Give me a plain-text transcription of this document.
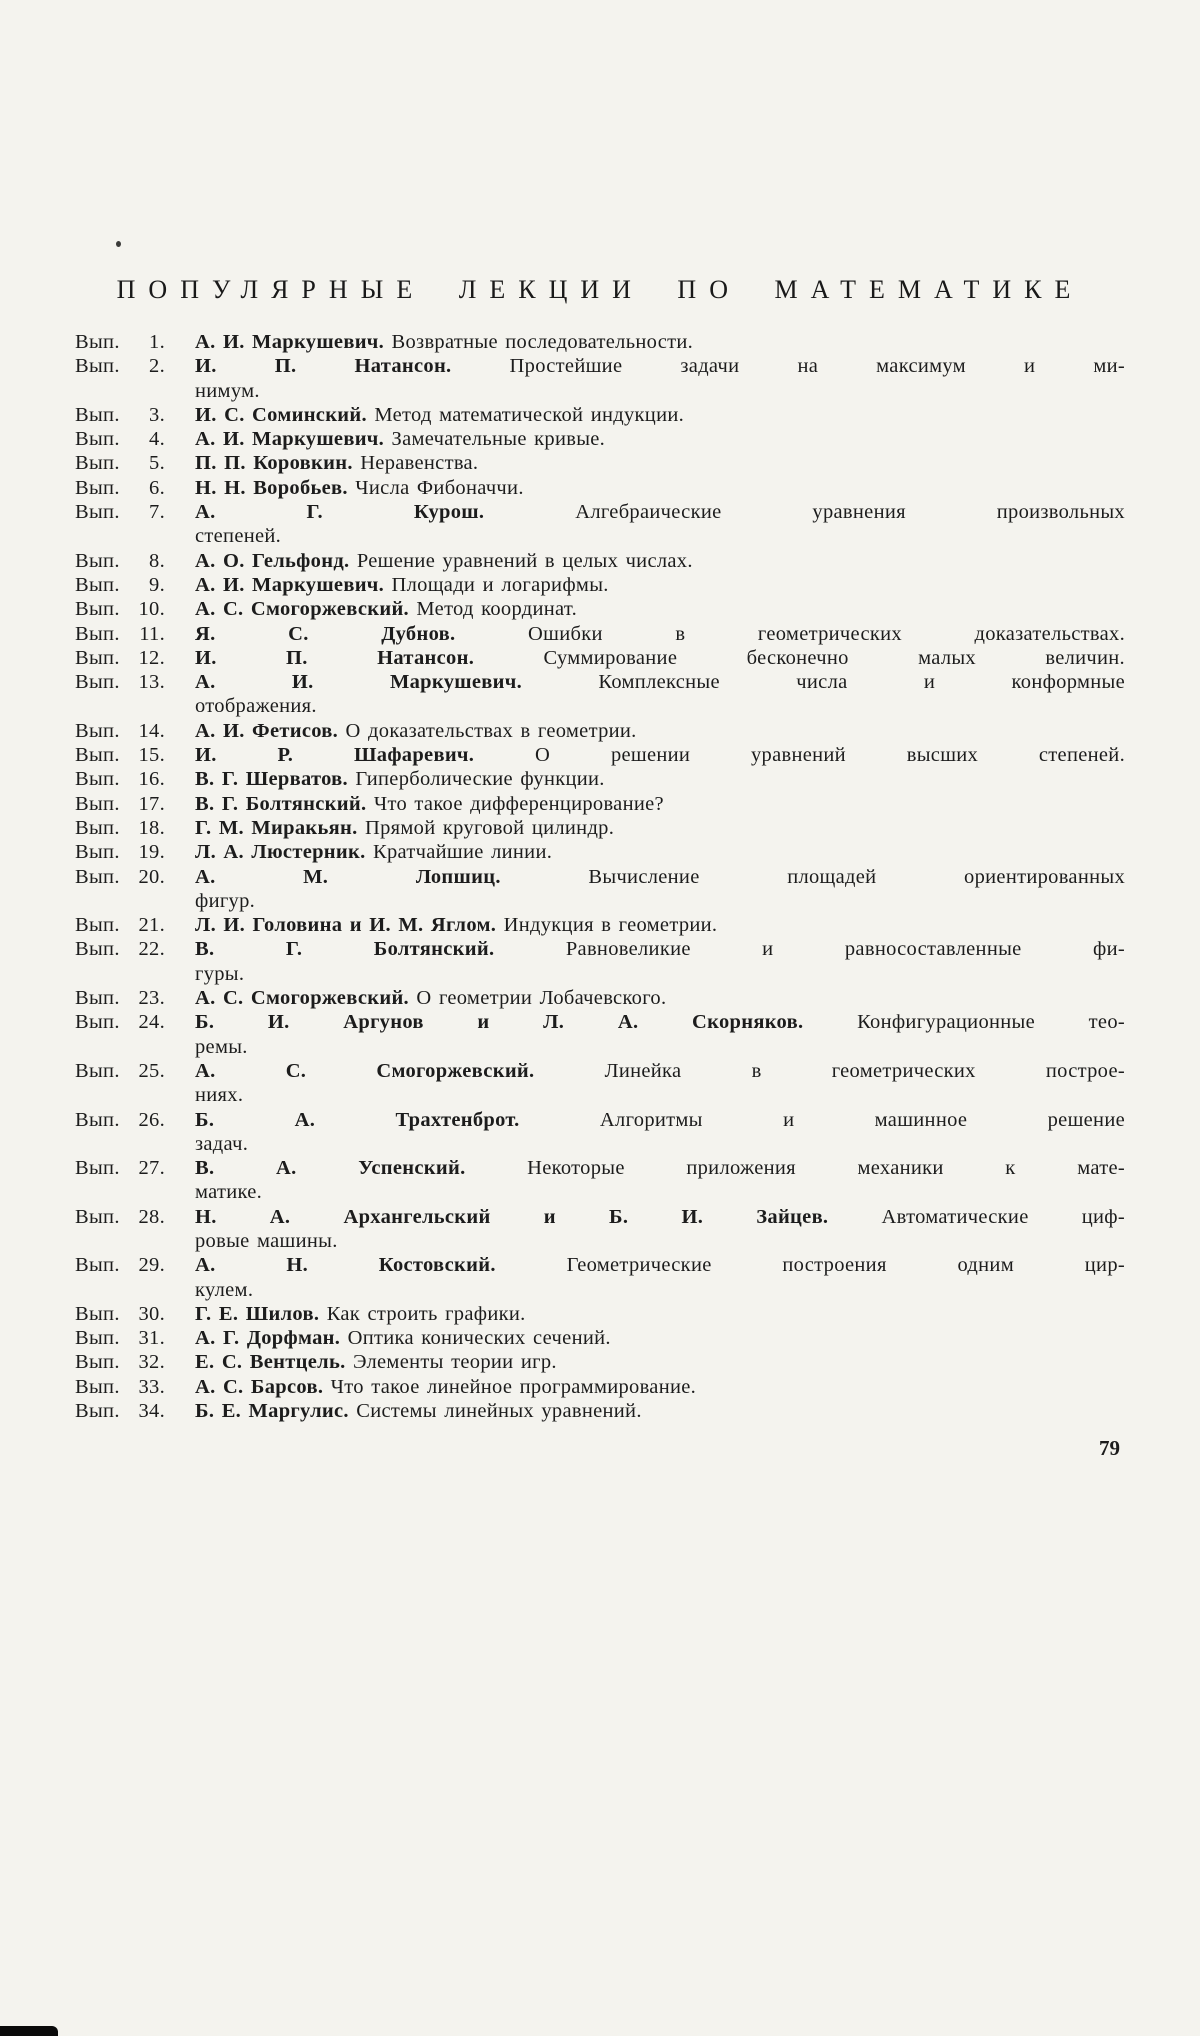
ПОПУЛЯРНЫЕ ЛЕКЦИИ ПО МАТЕМАТИКЕ
Вып.	1. А. И. Маркушевич. Возвратные последовательности.
Вып.	2. И. П. Натансон. Простейшие задачи на максимум и ми-
нимум.
Вып.	3. И. С. Соминский. Метод математической индукции.
Вып.	4. А. И. Маркушевич. Замечательные кривые.
Вып.	5. П. П. Коровкин. Неравенства.
Вып.	6. Н. Н. Воробьев. Числа Фибоначчи.
Вып.	7. А. Г. Курош. Алгебраические уравнения произвольных
степеней.
Вып.	8. А. О. Гельфонд. Решение уравнений в целых числах.
Вып.	9. А. И. Маркушевич. Площади и логарифмы.
Вып. 10. А. С. Смогоржевский. Метод координат.
Вып. 11. Я. С. Дубнов. Ошибки в геометрических доказательствах.
Вып. 12. И. П. Натансон. Суммирование бесконечно малых величин.
Вып. 13. А. И. Маркушевич. Комплексные числа и конформные
отображения.
Вып. 14. А. И. Фетисов. О доказательствах в геометрии.
Вып. 15. И. Р. Шафаревич. О решении уравнений высших степеней.
Вып. 16. В. Г. Шерватов. Гиперболические функции.
Вып. 17. В. Г. Болтянский. Что такое дифференцирование?
Вып. 18. Г. М. Миракьян. Прямой круговой цилиндр.
Вып. 19. Л. А. Люстерник. Кратчайшие линии.
Вып. 20. А. М. Лопшиц. Вычисление площадей ориентированных
фигур.
Вып. 21. Л. И. Головина и И. М. Яглом. Индукция в геометрии.
Вып. 22. В. Г. Болтянский. Равновеликие и равносоставленные фи-
гуры.
Вып. 23. А. С. Смогоржевский. О геометрии Лобачевского.
Вып. 24. Б. И. Аргунов и Л. А. Скорняков. Конфигурационные тео-
ремы.
Вып. 25. А. С. Смогоржевский. Линейка в геометрических построе-
ниях.
Вып. 26. Б. А. Трахтенброт. Алгоритмы и машинное решение
задач.
Вып. 27. В. А. Успенский. Некоторые приложения механики к мате-
матике.
Вып. 28. Н. А. Архангельский и Б. И. Зайцев. Автоматические циф-
ровые машины.
Вып. 29. А. Н. Костовский. Геометрические построения одним цир-
кулем.
Вып. 30. Г. Е. Шилов. Как строить графики.
Вып. 31. А. Г. Дорфман. Оптика конических сечений.
Вып. 32. Е. С. Вентцель. Элементы теории игр.
Вып. 33. А. С. Барсов. Что такое линейное программирование.
Вып. 34. Б. Е. Маргулис. Системы линейных уравнений.
79
